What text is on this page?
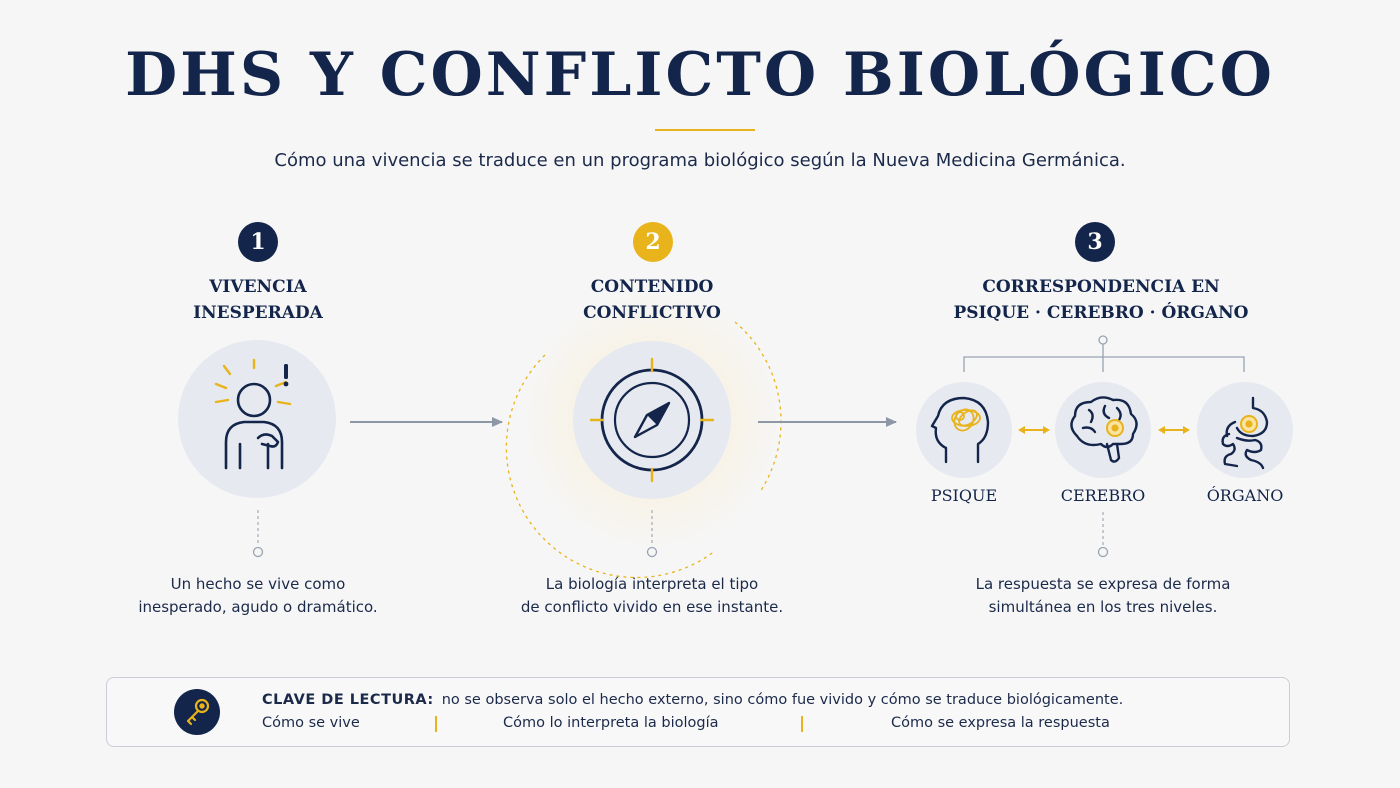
DHS Y CONFLICTO BIOLÓGICO
Cómo una vivencia se traduce en un programa biológico según la Nueva Medicina Germánica.
1
VIVENCIA
INESPERADA
Un hecho se vive como
inesperado, agudo o dramático.
2
CONTENIDO
CONFLICTIVO
La biología interpreta el tipo
de conflicto vivido en ese instante.
3
CORRESPONDENCIA EN
PSIQUE · CEREBRO · ÓRGANO
PSIQUE	CEREBRO	ÓRGANO
La respuesta se expresa de forma
simultánea en los tres niveles.
CLAVE DE LECTURA: no se observa solo el hecho externo, sino cómo fue vivido y cómo se traduce biológicamente.
Cómo se vive	Cómo lo interpreta la biología	Cómo se expresa la respuesta
